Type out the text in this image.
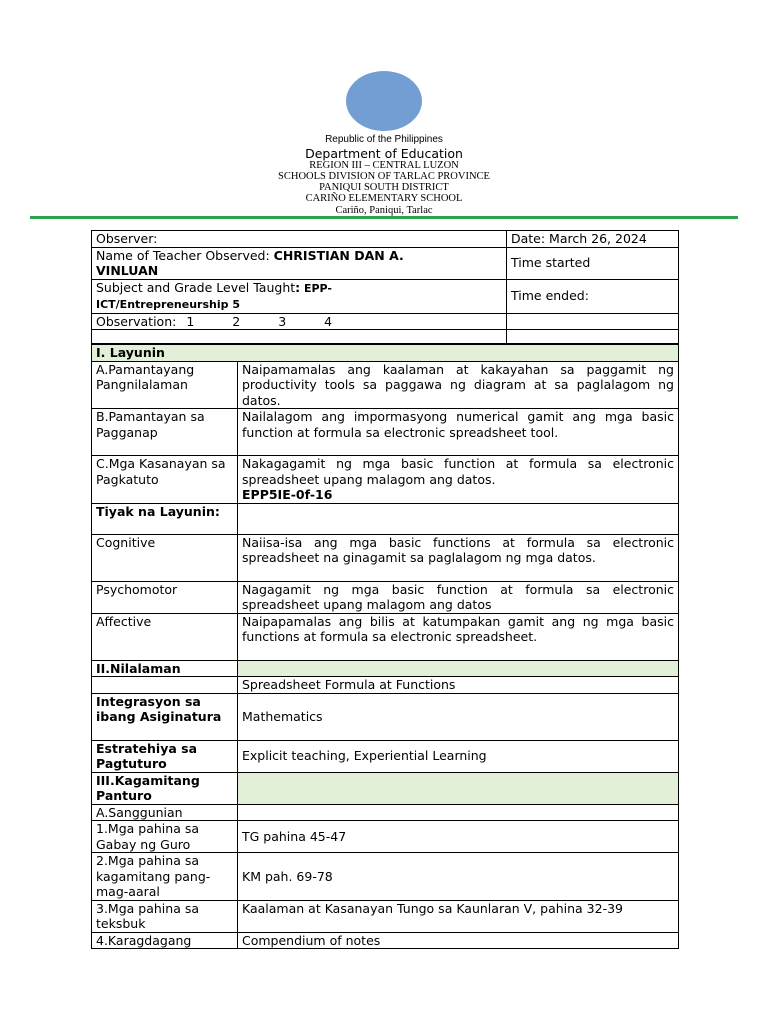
Republic of the Philippines
Department of Education
REGION III – CENTRAL LUZON
SCHOOLS DIVISION OF TARLAC PROVINCE
PANIQUI SOUTH DISTRICT
CARIÑO ELEMENTARY SCHOOL
Cariño, Paniqui, Tarlac
Observer:	Date: March 26, 2024
Name of Teacher Observed: CHRISTIAN DAN A.
VINLUAN	Time started
Subject and Grade Level Taught: EPP-
ICT/Entrepreneurship 5	Time ended:
Observation: 1 2 3 4	

I. Layunin	
A.Pamantayang Pangnilalaman	Naipamamalas ang kaalaman at kakayahan sa paggamit ng productivity tools sa paggawa ng diagram at sa paglalagom ng datos.
B.Pamantayan sa Pagganap	Nailalagom ang impormasyong numerical gamit ang mga basic function at formula sa electronic spreadsheet tool.
C.Mga Kasanayan sa Pagkatuto	Nakagagamit ng mga basic function at formula sa electronic spreadsheet upang malagom ang datos.
EPP5IE-0f-16
Tiyak na Layunin:	
Cognitive	Naiisa-isa ang mga basic functions at formula sa electronic spreadsheet na ginagamit sa paglalagom ng mga datos.
Psychomotor	Nagagamit ng mga basic function at formula sa electronic spreadsheet upang malagom ang datos
Affective	Naipapamalas ang bilis at katumpakan gamit ang ng mga basic functions at formula sa electronic spreadsheet.
II.Nilalaman	
	Spreadsheet Formula at Functions
Integrasyon sa ibang Asiginatura	Mathematics
Estratehiya sa Pagtuturo	Explicit teaching, Experiential Learning
III.Kagamitang Panturo	
A.Sanggunian	
1.Mga pahina sa Gabay ng Guro	TG pahina 45-47
2.Mga pahina sa kagamitang pang-mag-aaral	KM pah. 69-78
3.Mga pahina sa teksbuk	Kaalaman at Kasanayan Tungo sa Kaunlaran V, pahina 32-39
4.Karagdagang	Compendium of notes
